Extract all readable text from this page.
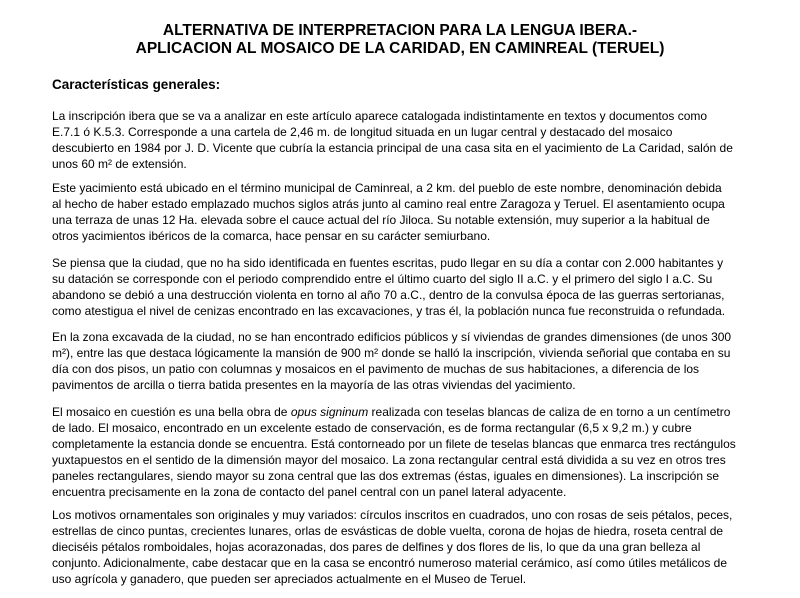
ALTERNATIVA DE INTERPRETACION PARA LA LENGUA IBERA.-
APLICACION AL MOSAICO DE LA CARIDAD, EN CAMINREAL (TERUEL)
Características generales:

La inscripción ibera que se va a analizar en este artículo aparece catalogada indistintamente en textos y documentos como
E.7.1 ó K.5.3. Corresponde a una cartela de 2,46 m. de longitud situada en un lugar central y destacado del mosaico
descubierto en 1984 por J. D. Vicente que cubría la estancia principal de una casa sita en el yacimiento de La Caridad, salón de
unos 60 m² de extensión.

Este yacimiento está ubicado en el término municipal de Caminreal, a 2 km. del pueblo de este nombre, denominación debida
al hecho de haber estado emplazado muchos siglos atrás junto al camino real entre Zaragoza y Teruel. El asentamiento ocupa
una terraza de unas 12 Ha. elevada sobre el cauce actual del río Jiloca. Su notable extensión, muy superior a la habitual de
otros yacimientos ibéricos de la comarca, hace pensar en su carácter semiurbano.

Se piensa que la ciudad, que no ha sido identificada en fuentes escritas, pudo llegar en su día a contar con 2.000 habitantes y
su datación se corresponde con el periodo comprendido entre el último cuarto del siglo II a.C. y el primero del siglo I a.C. Su
abandono se debió a una destrucción violenta en torno al año 70 a.C., dentro de la convulsa época de las guerras sertorianas,
como atestigua el nivel de cenizas encontrado en las excavaciones, y tras él, la población nunca fue reconstruida o refundada.

En la zona excavada de la ciudad, no se han encontrado edificios públicos y sí viviendas de grandes dimensiones (de unos 300
m²), entre las que destaca lógicamente la mansión de 900 m² donde se halló la inscripción, vivienda señorial que contaba en su
día con dos pisos, un patio con columnas y mosaicos en el pavimento de muchas de sus habitaciones, a diferencia de los
pavimentos de arcilla o tierra batida presentes en la mayoría de las otras viviendas del yacimiento.

El mosaico en cuestión es una bella obra de opus signinum realizada con teselas blancas de caliza de en torno a un centímetro
de lado. El mosaico, encontrado en un excelente estado de conservación, es de forma rectangular (6,5 x 9,2 m.) y cubre
completamente la estancia donde se encuentra. Está contorneado por un filete de teselas blancas que enmarca tres rectángulos
yuxtapuestos en el sentido de la dimensión mayor del mosaico. La zona rectangular central está dividida a su vez en otros tres
paneles rectangulares, siendo mayor su zona central que las dos extremas (éstas, iguales en dimensiones). La inscripción se
encuentra precisamente en la zona de contacto del panel central con un panel lateral adyacente.

Los motivos ornamentales son originales y muy variados: círculos inscritos en cuadrados, uno con rosas de seis pétalos, peces,
estrellas de cinco puntas, crecientes lunares, orlas de esvásticas de doble vuelta, corona de hojas de hiedra, roseta central de
dieciséis pétalos romboidales, hojas acorazonadas, dos pares de delfines y dos flores de lis, lo que da una gran belleza al
conjunto. Adicionalmente, cabe destacar que en la casa se encontró numeroso material cerámico, así como útiles metálicos de
uso agrícola y ganadero, que pueden ser apreciados actualmente en el Museo de Teruel.
